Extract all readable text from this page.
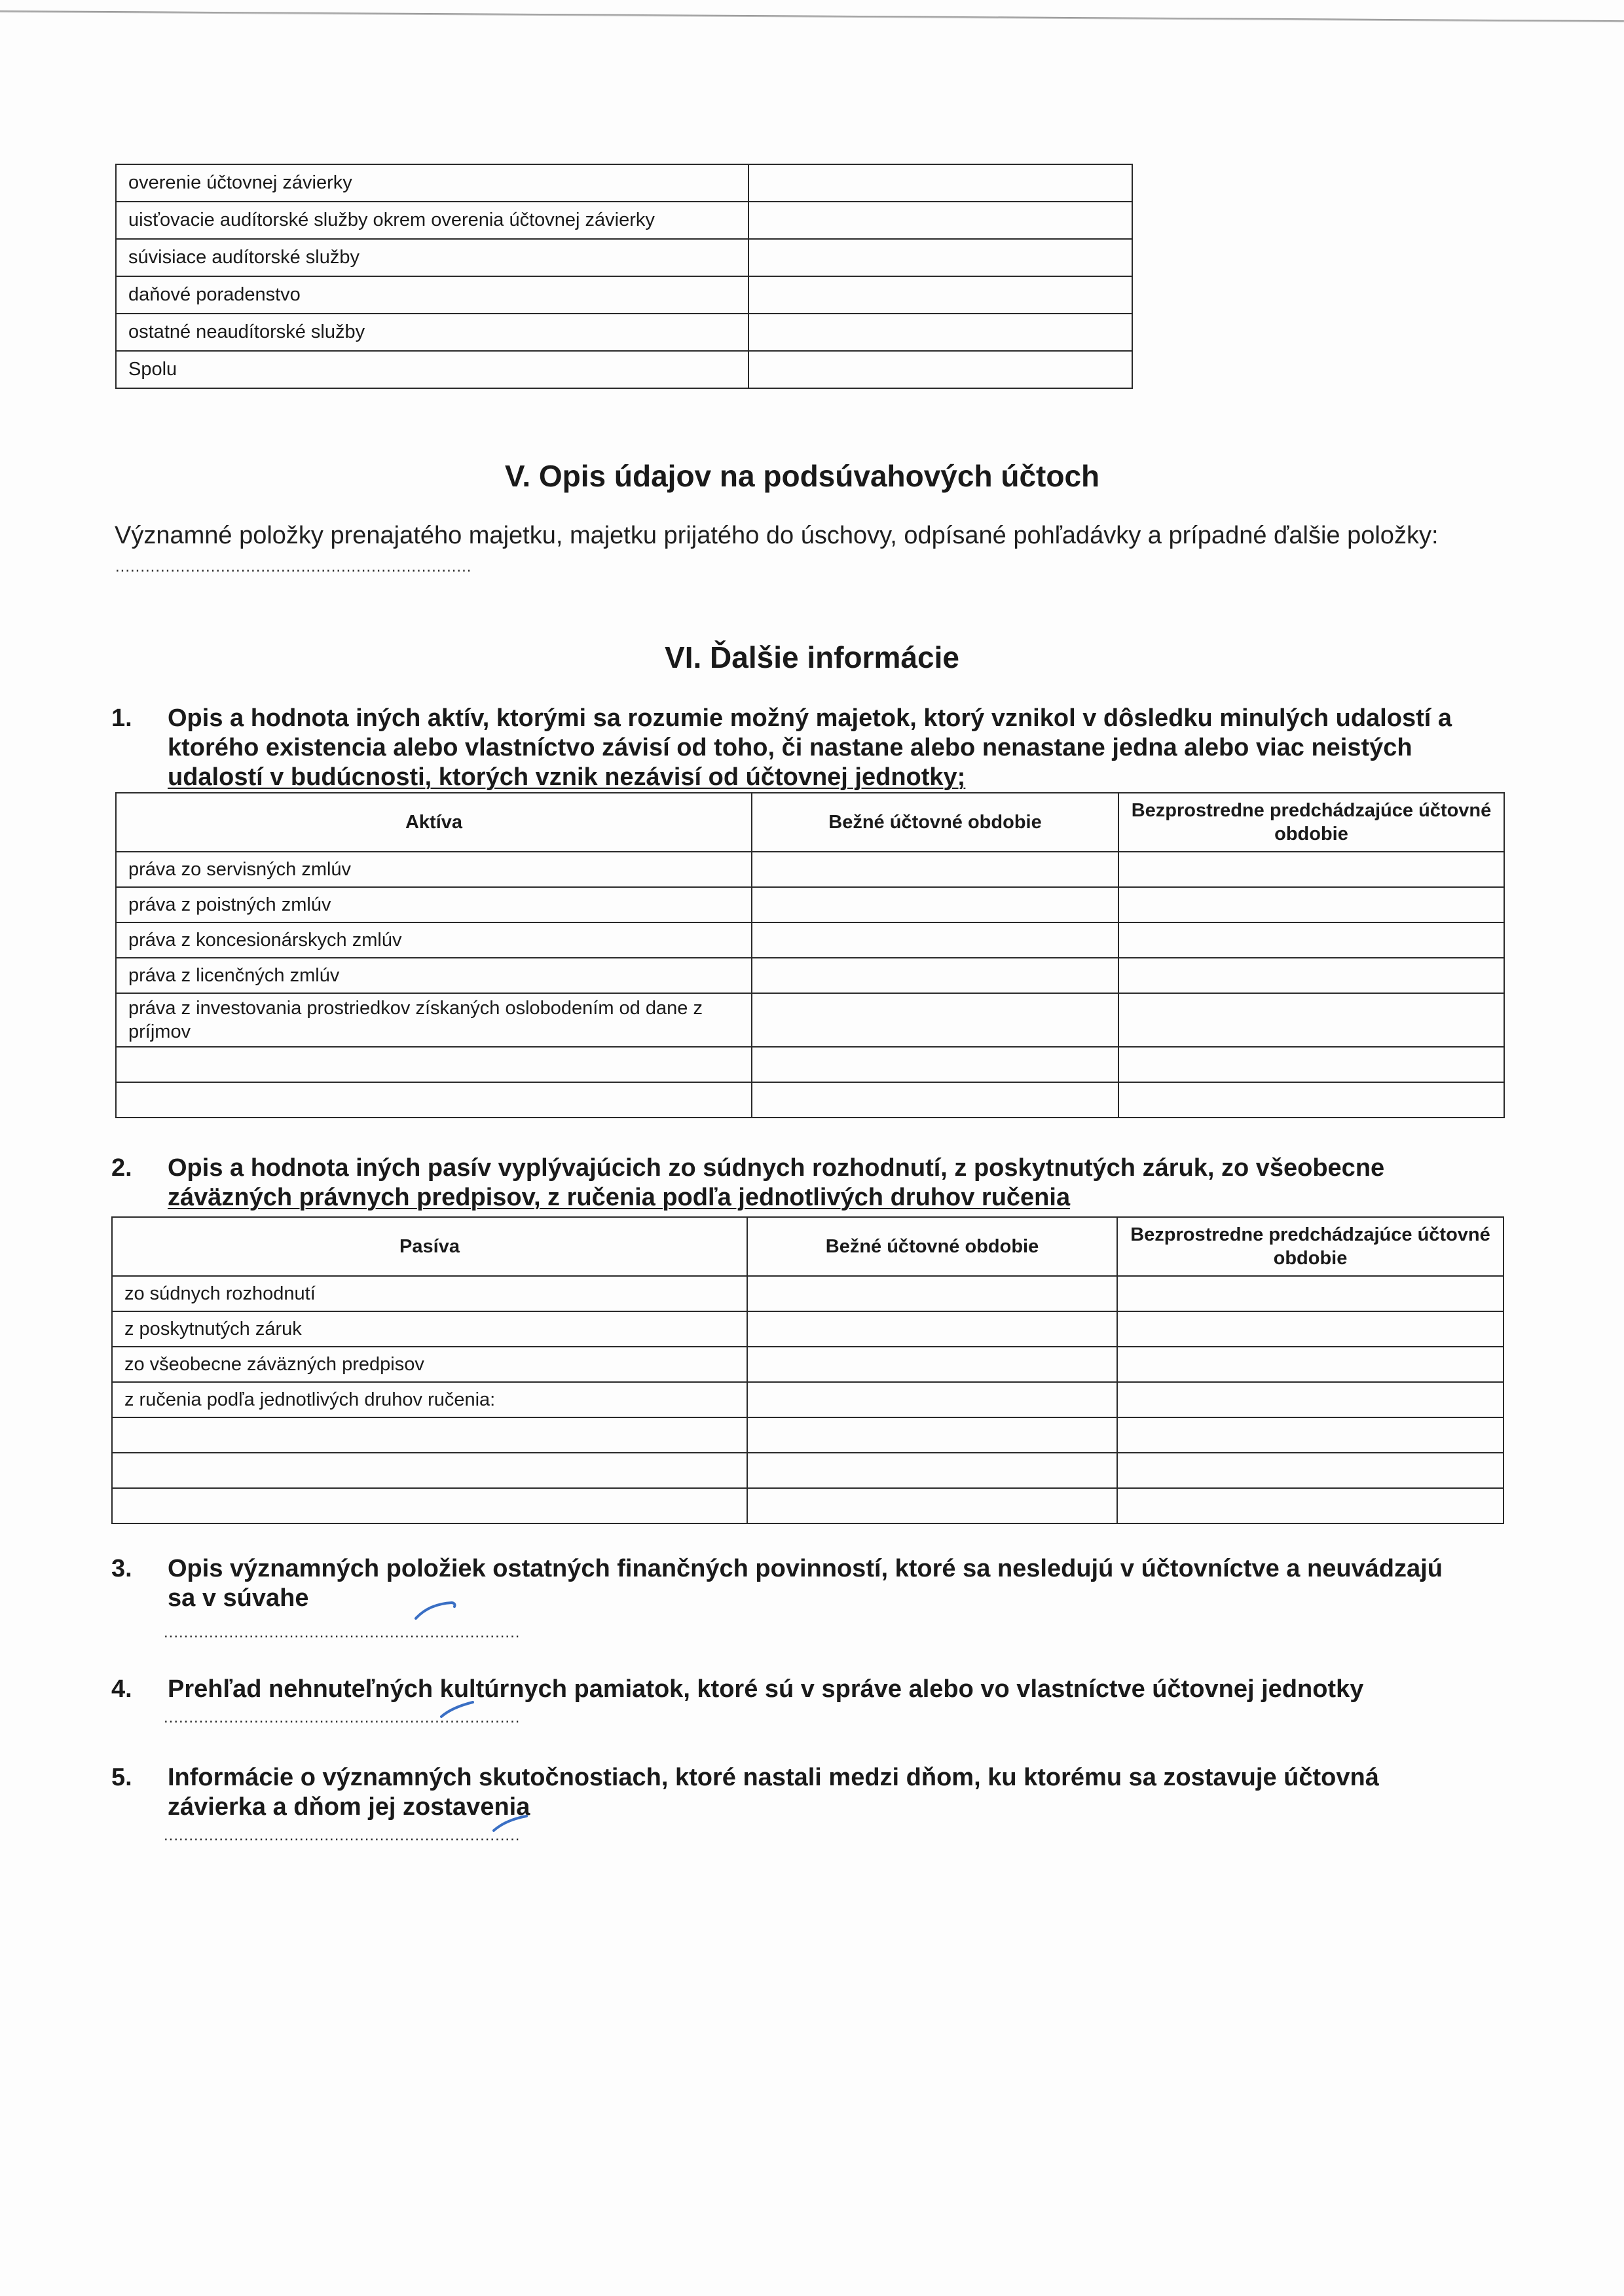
overenie účtovnej závierky	
uisťovacie audítorské služby okrem overenia účtovnej závierky	
súvisiace audítorské služby	
daňové poradenstvo	
ostatné neaudítorské služby	
Spolu	
V. Opis údajov na podsúvahových účtoch
Významné položky prenajatého majetku, majetku prijatého do úschovy, odpísané pohľadávky a prípadné ďalšie položky:
.......................................................................
VI. Ďalšie informácie
1.	Opis a hodnota iných aktív, ktorými sa rozumie možný majetok, ktorý vznikol v dôsledku minulých udalostí a
ktorého existencia alebo vlastníctvo závisí od toho, či nastane alebo nenastane jedna alebo viac neistých
udalostí v budúcnosti, ktorých vznik nezávisí od účtovnej jednotky;
Aktíva	Bežné účtovné obdobie	Bezprostredne predchádzajúce účtovné obdobie
práva zo servisných zmlúv		
práva z poistných zmlúv		
práva z koncesionárskych zmlúv		
práva z licenčných zmlúv		
práva z investovania prostriedkov získaných oslobodením od dane z príjmov		

2.	Opis a hodnota iných pasív vyplývajúcich zo súdnych rozhodnutí, z poskytnutých záruk, zo všeobecne
záväzných právnych predpisov, z ručenia podľa jednotlivých druhov ručenia
Pasíva	Bežné účtovné obdobie	Bezprostredne predchádzajúce účtovné obdobie
zo súdnych rozhodnutí		
z poskytnutých záruk		
zo všeobecne záväzných predpisov		
z ručenia podľa jednotlivých druhov ručenia:		

3.	Opis významných položiek ostatných finančných povinností, ktoré sa nesledujú v účtovníctve a neuvádzajú
sa v súvahe
.......................................................................
4.	Prehľad nehnuteľných kultúrnych pamiatok, ktoré sú v správe alebo vo vlastníctve účtovnej jednotky
.......................................................................
5.	Informácie o významných skutočnostiach, ktoré nastali medzi dňom, ku ktorému sa zostavuje účtovná
závierka a dňom jej zostavenia
.......................................................................
